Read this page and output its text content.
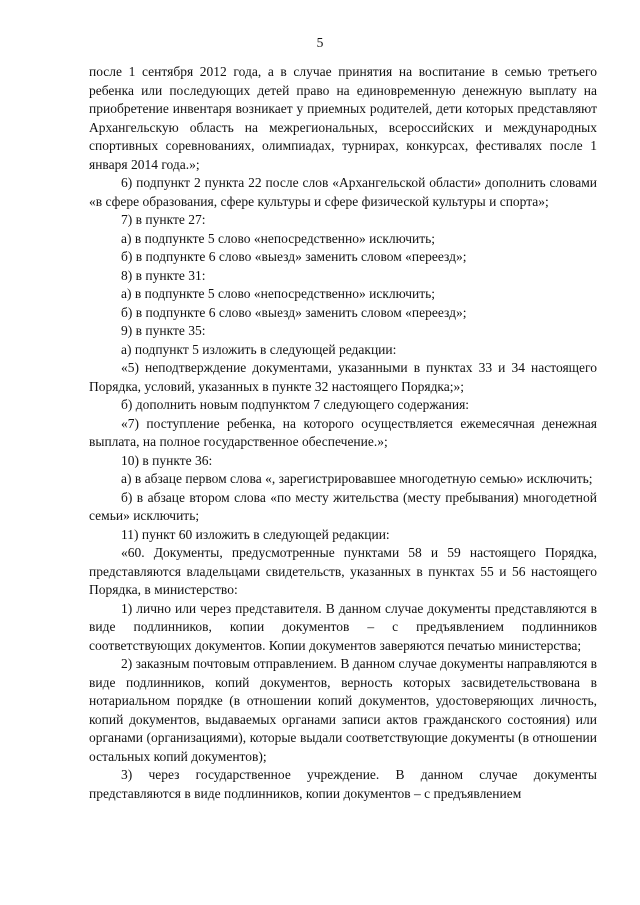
5

после 1 сентября 2012 года, а в случае принятия на воспитание в семью третьего ребенка или последующих детей право на единовременную денежную выплату на приобретение инвентаря возникает у приемных родителей, дети которых представляют Архангельскую область на межрегиональных, всероссийских и международных спортивных соревнованиях, олимпиадах, турнирах, конкурсах, фестивалях после 1 января 2014 года.»;

6) подпункт 2 пункта 22 после слов «Архангельской области» дополнить словами «в сфере образования, сфере культуры и сфере физической культуры и спорта»;

7) в пункте 27:

а) в подпункте 5 слово «непосредственно» исключить;

б) в подпункте 6 слово «выезд» заменить словом «переезд»;

8) в пункте 31:

а) в подпункте 5 слово «непосредственно» исключить;

б) в подпункте 6 слово «выезд» заменить словом «переезд»;

9) в пункте 35:

а) подпункт 5 изложить в следующей редакции:

«5) неподтверждение документами, указанными в пунктах 33 и 34 настоящего Порядка, условий, указанных в пункте 32 настоящего Порядка;»;

б) дополнить новым подпунктом 7 следующего содержания:

«7) поступление ребенка, на которого осуществляется ежемесячная денежная выплата, на полное государственное обеспечение.»;

10) в пункте 36:

а) в абзаце первом слова «, зарегистрировавшее многодетную семью» исключить;

б) в абзаце втором слова «по месту жительства (месту пребывания) многодетной семьи» исключить;

11) пункт 60 изложить в следующей редакции:

«60. Документы, предусмотренные пунктами 58 и 59 настоящего Порядка, представляются владельцами свидетельств, указанных в пунктах 55 и 56 настоящего Порядка, в министерство:

1) лично или через представителя. В данном случае документы представляются в виде подлинников, копии документов – с предъявлением подлинников соответствующих документов. Копии документов заверяются печатью министерства;

2) заказным почтовым отправлением. В данном случае документы направляются в виде подлинников, копий документов, верность которых засвидетельствована в нотариальном порядке (в отношении копий документов, удостоверяющих личность, копий документов, выдаваемых органами записи актов гражданского состояния) или органами (организациями), которые выдали соответствующие документы (в отношении остальных копий документов);

3) через государственное учреждение. В данном случае документы представляются в виде подлинников, копии документов – с предъявлением
